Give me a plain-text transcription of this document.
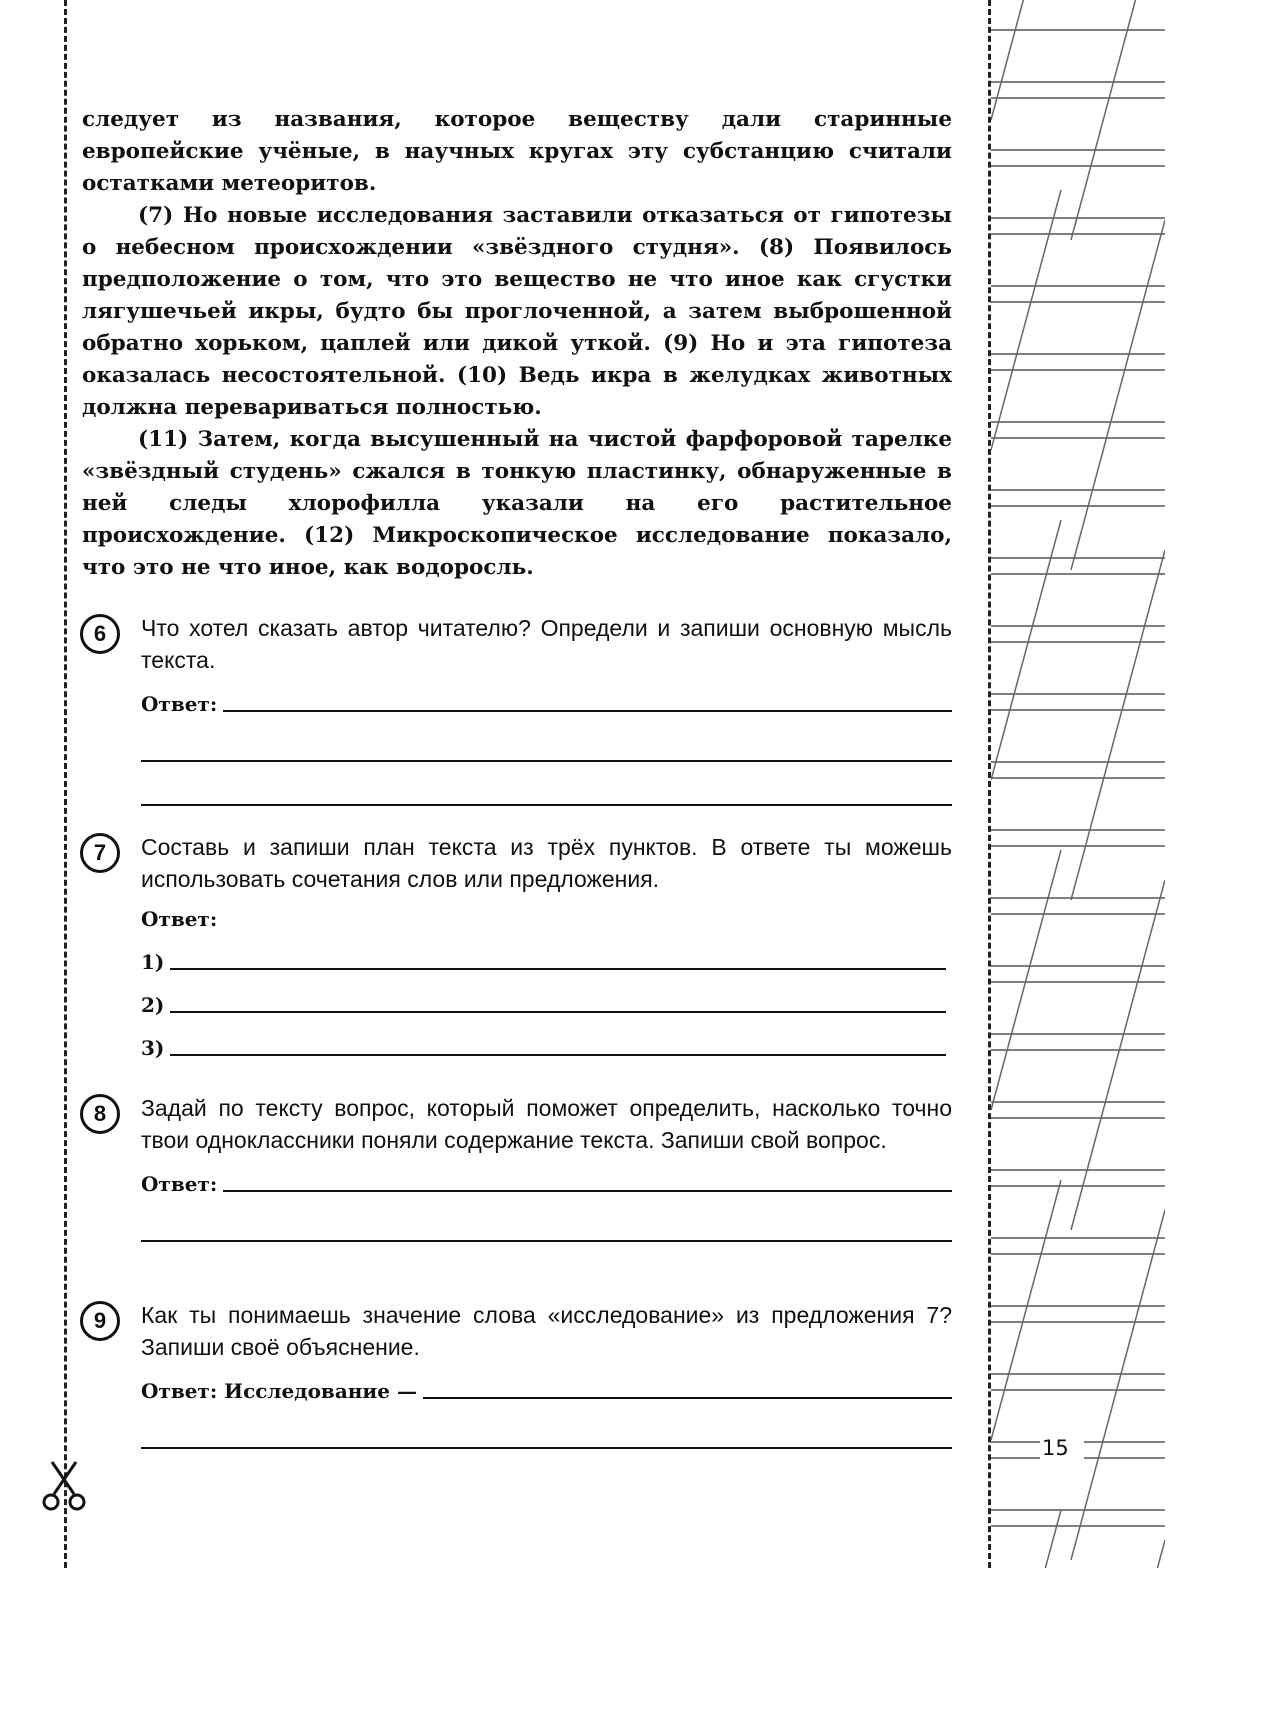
15

следует из названия, которое веществу дали старинные европейские учёные, в научных кругах эту субстанцию считали остатками метеоритов.

(7) Но новые исследования заставили отказаться от гипотезы о небесном происхождении «звёздного студня». (8) Появилось предположение о том, что это вещество не что иное как сгустки лягушечьей икры, будто бы проглоченной, а затем выброшенной обратно хорьком, цаплей или дикой уткой. (9) Но и эта гипотеза оказалась несостоятельной. (10) Ведь икра в желудках животных должна перевариваться полностью.

(11) Затем, когда высушенный на чистой фарфоровой тарелке «звёздный студень» сжался в тонкую пластинку, обнаруженные в ней следы хлорофилла указали на его растительное происхождение. (12) Микроскопическое исследование показало, что это не что иное, как водоросль.

6	Что хотел сказать автор читателю? Определи и запиши основную мысль текста.
Ответ:
7	Составь и запиши план текста из трёх пунктов. В ответе ты можешь использовать сочетания слов или предложения.
Ответ:
1)
2)
3)
8	Задай по тексту вопрос, который поможет определить, насколько точно твои одноклассники поняли содержание текста. Запиши свой вопрос.
Ответ:
9	Как ты понимаешь значение слова «исследование» из предложения 7? Запиши своё объяснение.
Ответ: Исследование —
